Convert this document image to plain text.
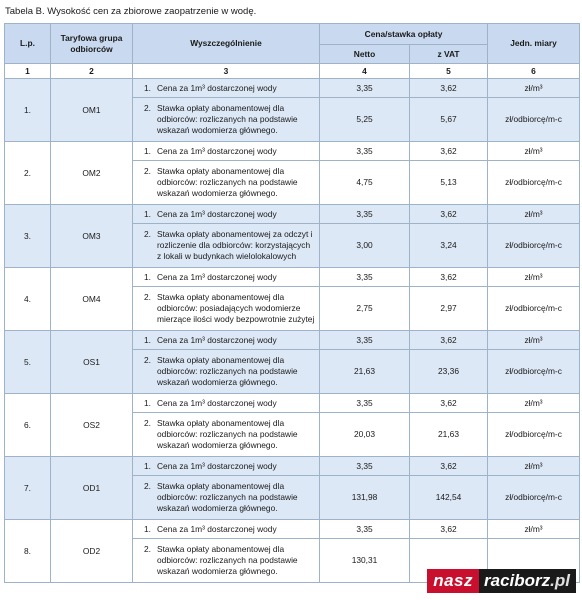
Tabela B. Wysokość cen za zbiorowe zaopatrzenie w wodę.
L.p.	Taryfowa grupa odbiorców	Wyszczególnienie	Cena/stawka opłaty		Jedn. miary
			Netto	z VAT	
1	2	3	4	5	6
1.	OM1	1. Cena za 1m³ dostarczonej wody	3,35	3,62	zł/m³

		2. Stawka opłaty abonamentowej dla odbiorców: rozliczanych na podstawie wskazań wodomierza głównego.	5,25	5,67	zł/odbiorcę/m-c
2.	OM2	1. Cena za 1m³ dostarczonej wody	3,35	3,62	zł/m³

		2. Stawka opłaty abonamentowej dla odbiorców: rozliczanych na podstawie wskazań wodomierza głównego.	4,75	5,13	zł/odbiorcę/m-c
3.	OM3	1. Cena za 1m³ dostarczonej wody	3,35	3,62	zł/m³

		2. Stawka opłaty abonamentowej za odczyt i rozliczenie dla odbiorców: korzystających z lokali w budynkach wielolokalowych	3,00	3,24	zł/odbiorcę/m-c
4.	OM4	1. Cena za 1m³ dostarczonej wody	3,35	3,62	zł/m³

		2. Stawka opłaty abonamentowej dla odbiorców: posiadających wodomierze mierzące ilości wody bezpowrotnie zużytej	2,75	2,97	zł/odbiorcę/m-c
5.	OS1	1. Cena za 1m³ dostarczonej wody	3,35	3,62	zł/m³

		2. Stawka opłaty abonamentowej dla odbiorców: rozliczanych na podstawie wskazań wodomierza głównego.	21,63	23,36	zł/odbiorcę/m-c
6.	OS2	1. Cena za 1m³ dostarczonej wody	3,35	3,62	zł/m³

		2. Stawka opłaty abonamentowej dla odbiorców: rozliczanych na podstawie wskazań wodomierza głównego.	20,03	21,63	zł/odbiorcę/m-c
7.	OD1	1. Cena za 1m³ dostarczonej wody	3,35	3,62	zł/m³

		2. Stawka opłaty abonamentowej dla odbiorców: rozliczanych na podstawie wskazań wodomierza głównego.	131,98	142,54	zł/odbiorcę/m-c
8.	OD2	1. Cena za 1m³ dostarczonej wody	3,35	3,62	zł/m³

		2. Stawka opłaty abonamentowej dla odbiorców: rozliczanych na podstawie wskazań wodomierza głównego.	130,31		
nasz raciborz.pl
